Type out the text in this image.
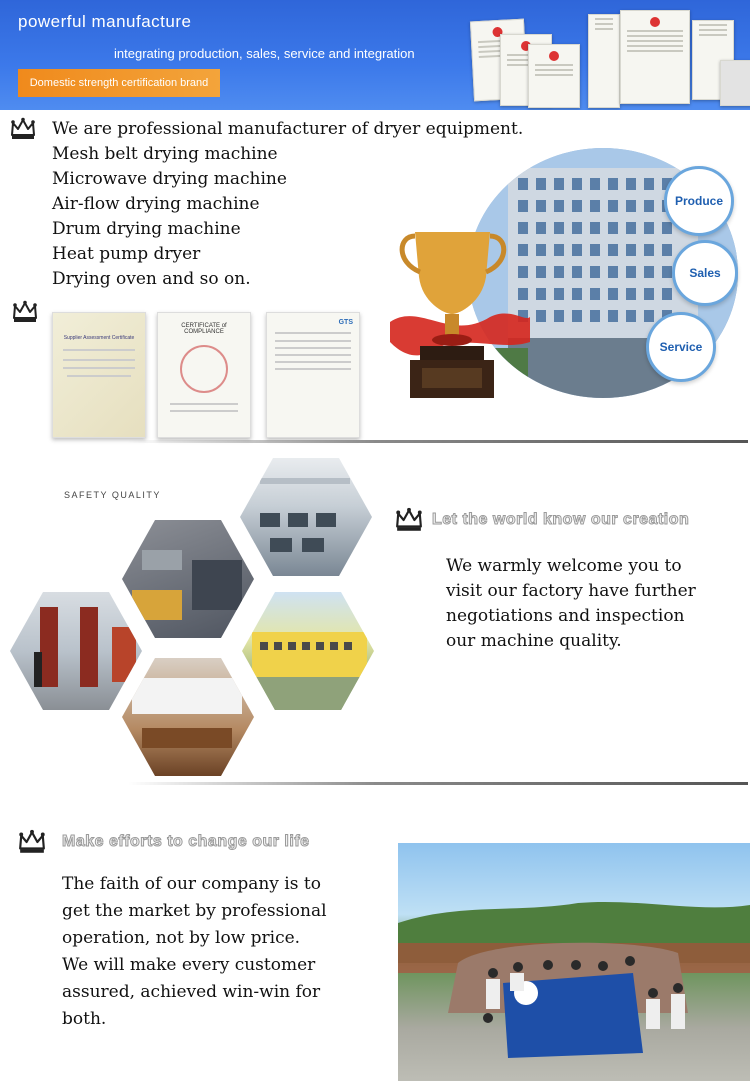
powerful manufacture
integrating production, sales, service and integration
Domestic strength certification brand
We are professional manufacturer of dryer equipment.
Mesh belt drying machine
Microwave drying machine
Air-flow drying machine
Drum drying machine
Heat pump dryer
Drying oven and so on.
Supplier Assessment Certificate
CERTIFICATE of COMPLIANCE
GTS
Produce
Sales
Service
SAFETY QUALITY
Let the world know our creation
We warmly welcome you to
visit our factory have further
negotiations and inspection
our machine quality.
Make efforts to change our life
The faith of our company is to
get the market by professional
operation, not by low price.
We will make every customer
assured, achieved win-win for
both.
